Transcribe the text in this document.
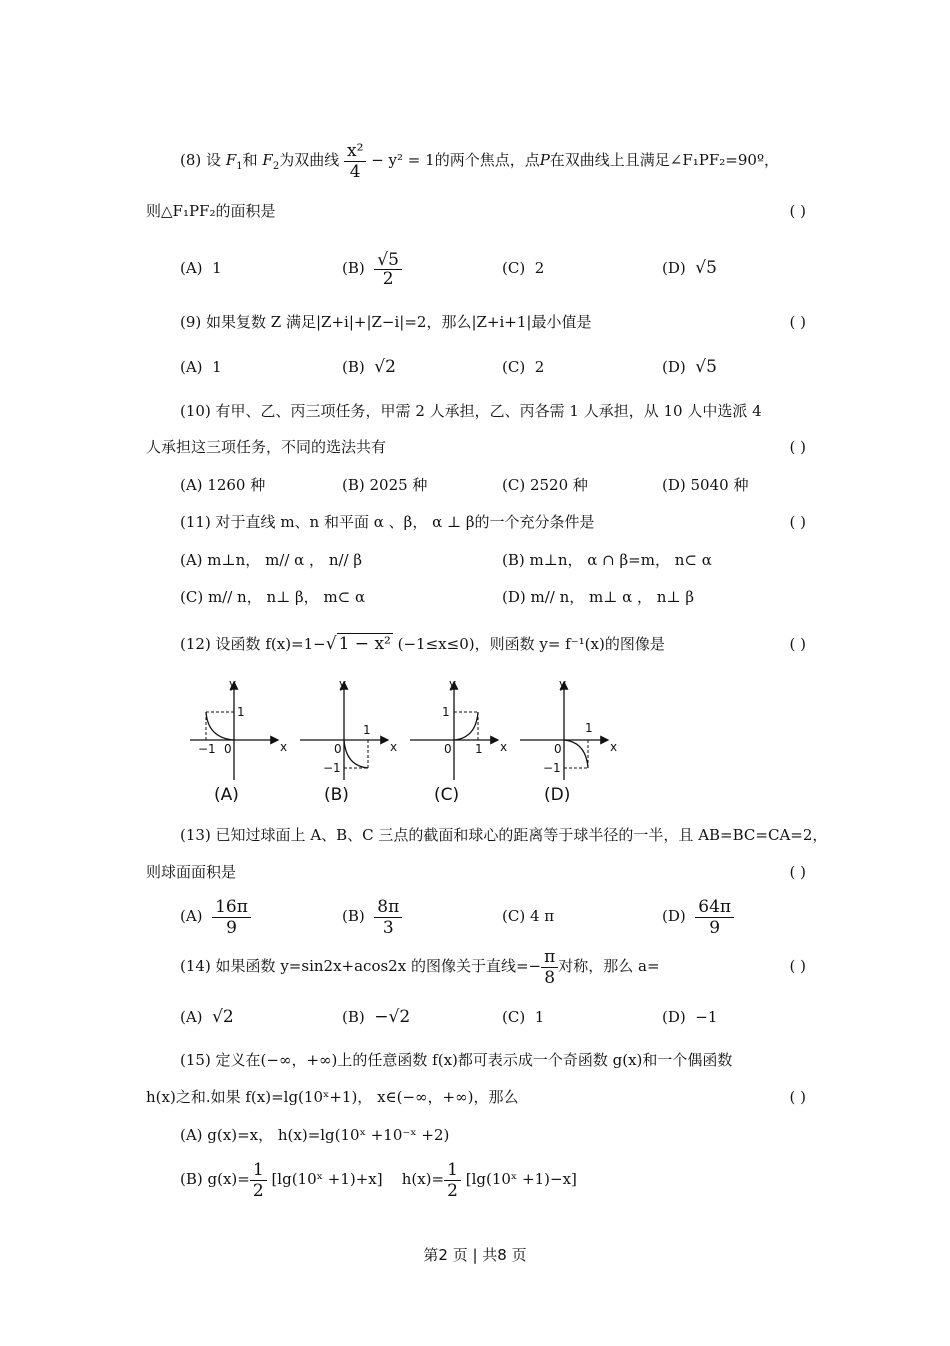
(8) 设 $F_1$和 $F_2$为双曲线 $\frac{\text{x²}}{4} - y^2 = 1$的两个焦点，点P在双曲线上且满足∠F₁PF₂=90º，
则△F₁PF₂的面积是	( )
(A) 1	$(B) \frac{√5}{2}$	(C) 2	(D) √5
(9) 如果复数 Z 满足|Z+i|+|Z−i|=2，那么|Z+i+1|最小值是	( )
(A) 1	(B) √2	(C) 2	(D) √5
(10) 有甲、乙、丙三项任务，甲需 2 人承担，乙、丙各需 1 人承担，从 10 人中选派 4
人承担这三项任务，不同的选法共有	( )
(A) 1260 种	(B) 2025 种	(C) 2520 种	(D) 5040 种
(11) 对于直线 m、n 和平面 α 、β， α ⊥ β的一个充分条件是	( )
(A) m⊥n， m// α ， n// β	(B) m⊥n， α ∩ β=m， n⊂ α
(C) m// n， n⊥ β， m⊂ α	(D) m// n， m⊥ α ， n⊥ β
(12) 设函数 f(x)=1−√ 1 − x² (−1≤x≤0)，则函数 y= f⁻¹(x)的图像是	( )
y
x
1
−1 0
(A)
y
x
1
−1
0
(B)
y
x
1
1
0
(C)
y
x
1
−1
0
(D)
(13) 已知过球面上 A、B、C 三点的截面和球心的距离等于球半径的一半，且 AB=BC=CA=2，
则球面面积是	( )
$(A) \frac{16\pi}{9}$	$(B) \frac{8\pi}{3}$	(C) 4 π	$(D) \frac{64\pi}{9}$
(14) 如果函数 y=sin2x+acos2x 的图像关于直线=− $\frac{\pi}{8}$ 对称，那么 a=	( )
(A) √2	(B) −√2	(C) 1	(D) −1
(15) 定义在(−∞，+∞)上的任意函数 f(x)都可表示成一个奇函数 g(x)和一个偶函数
h(x)之和.如果 f(x)=lg(10ˣ+1)， x∈(−∞，+∞)，那么	( )
(A) g(x)=x， h(x)=lg(10ˣ +10⁻ˣ +2)
(B) $g(x)= \frac{1}{2}$ [lg(10ˣ +1)+x] $h(x)= \frac{1}{2}$ [lg(10ˣ +1)−x]
第2 页 | 共8 页
